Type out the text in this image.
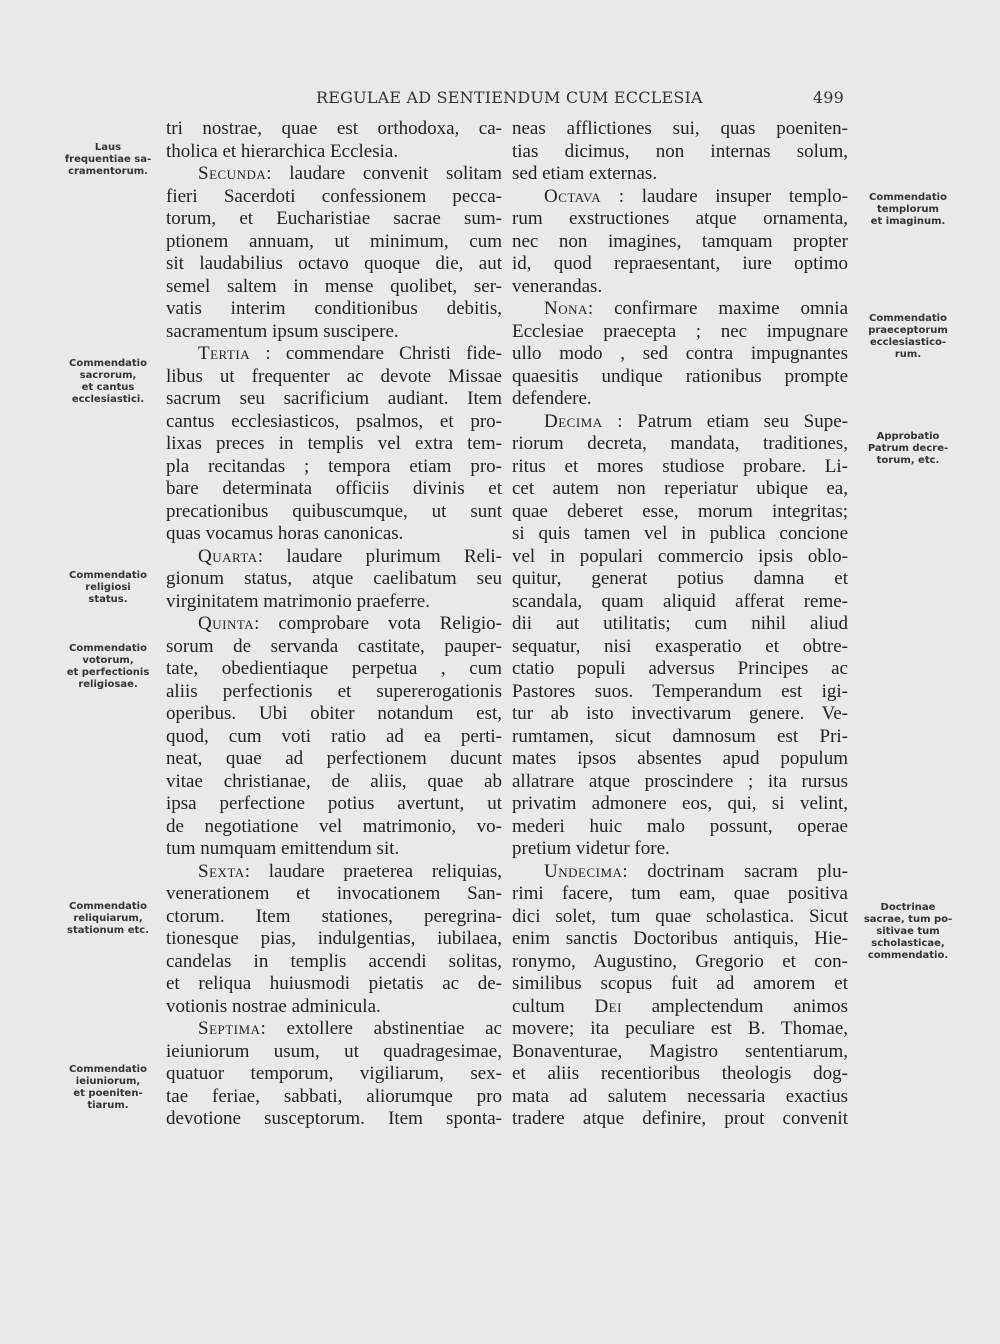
REGULAE AD SENTIENDUM CUM ECCLESIA	499
tri nostrae, quae est orthodoxa, ca-
tholica et hierarchica Ecclesia.
Secunda: laudare convenit solitam
fieri Sacerdoti confessionem pecca-
torum, et Eucharistiae sacrae sum-
ptionem annuam, ut minimum, cum
sit laudabilius octavo quoque die, aut
semel saltem in mense quolibet, ser-
vatis interim conditionibus debitis,
sacramentum ipsum suscipere.
Tertia : commendare Christi fide-
libus ut frequenter ac devote Missae
sacrum seu sacrificium audiant. Item
cantus ecclesiasticos, psalmos, et pro-
lixas preces in templis vel extra tem-
pla recitandas ; tempora etiam pro-
bare determinata officiis divinis et
precationibus quibuscumque, ut sunt
quas vocamus horas canonicas.
Quarta: laudare plurimum Reli-
gionum status, atque caelibatum seu
virginitatem matrimonio praeferre.
Quinta: comprobare vota Religio-
sorum de servanda castitate, pauper-
tate, obedientiaque perpetua , cum
aliis perfectionis et supererogationis
operibus. Ubi obiter notandum est,
quod, cum voti ratio ad ea perti-
neat, quae ad perfectionem ducunt
vitae christianae, de aliis, quae ab
ipsa perfectione potius avertunt, ut
de negotiatione vel matrimonio, vo-
tum numquam emittendum sit.
Sexta: laudare praeterea reliquias,
venerationem et invocationem San-
ctorum. Item stationes, peregrina-
tionesque pias, indulgentias, iubilaea,
candelas in templis accendi solitas,
et reliqua huiusmodi pietatis ac de-
votionis nostrae adminicula.
Septima: extollere abstinentiae ac
ieiuniorum usum, ut quadragesimae,
quatuor temporum, vigiliarum, sex-
tae feriae, sabbati, aliorumque pro
devotione susceptorum. Item sponta-
neas afflictiones sui, quas poeniten-
tias dicimus, non internas solum,
sed etiam externas.
Octava : laudare insuper templo-
rum exstructiones atque ornamenta,
nec non imagines, tamquam propter
id, quod repraesentant, iure optimo
venerandas.
Nona: confirmare maxime omnia
Ecclesiae praecepta ; nec impugnare
ullo modo , sed contra impugnantes
quaesitis undique rationibus prompte
defendere.
Decima : Patrum etiam seu Supe-
riorum decreta, mandata, traditiones,
ritus et mores studiose probare. Li-
cet autem non reperiatur ubique ea,
quae deberet esse, morum integritas;
si quis tamen vel in publica concione
vel in populari commercio ipsis oblo-
quitur, generat potius damna et
scandala, quam aliquid afferat reme-
dii aut utilitatis; cum nihil aliud
sequatur, nisi exasperatio et obtre-
ctatio populi adversus Principes ac
Pastores suos. Temperandum est igi-
tur ab isto invectivarum genere. Ve-
rumtamen, sicut damnosum est Pri-
mates ipsos absentes apud populum
allatrare atque proscindere ; ita rursus
privatim admonere eos, qui, si velint,
mederi huic malo possunt, operae
pretium videtur fore.
Undecima: doctrinam sacram plu-
rimi facere, tum eam, quae positiva
dici solet, tum quae scholastica. Sicut
enim sanctis Doctoribus antiquis, Hie-
ronymo, Augustino, Gregorio et con-
similibus scopus fuit ad amorem et
cultum Dei amplectendum animos
movere; ita peculiare est B. Thomae,
Bonaventurae, Magistro sententiarum,
et aliis recentioribus theologis dog-
mata ad salutem necessaria exactius
tradere atque definire, prout convenit
Laus
frequentiae sa-
cramentorum.
Commendatio
sacrorum,
et cantus
ecclesiastici.
Commendatio
religiosi
status.
Commendatio
votorum,
et perfectionis
religiosae.
Commendatio
reliquiarum,
stationum etc.
Commendatio
ieiuniorum,
et poeniten-
tiarum.
Commendatio
templorum
et imaginum.
Commendatio
praeceptorum
ecclesiastico-
rum.
Approbatio
Patrum decre-
torum, etc.
Doctrinae
sacrae, tum po-
sitivae tum
scholasticae,
commendatio.
